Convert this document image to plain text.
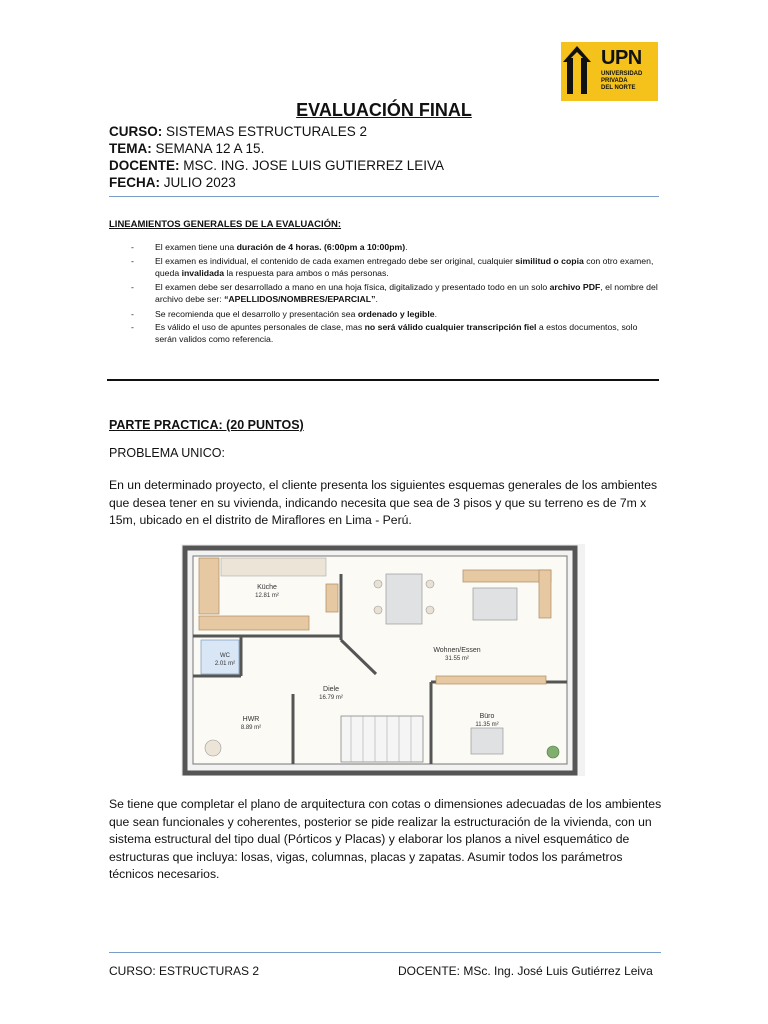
UPN
UNIVERSIDAD
PRIVADA
DEL NORTE
EVALUACIÓN FINAL
CURSO: SISTEMAS ESTRUCTURALES 2
TEMA: SEMANA 12 A 15.
DOCENTE: MSC. ING. JOSE LUIS GUTIERREZ LEIVA
FECHA: JULIO 2023
LINEAMIENTOS GENERALES DE LA EVALUACIÓN:
- El examen tiene una duración de 4 horas. (6:00pm a 10:00pm).
- El examen es individual, el contenido de cada examen entregado debe ser original, cualquier similitud o copia con otro examen, queda invalidada la respuesta para ambos o más personas.
- El examen debe ser desarrollado a mano en una hoja física, digitalizado y presentado todo en un solo archivo PDF, el nombre del archivo debe ser: “APELLIDOS/NOMBRES/EPARCIAL”.
- Se recomienda que el desarrollo y presentación sea ordenado y legible.
- Es válido el uso de apuntes personales de clase, mas no será válido cualquier transcripción fiel a estos documentos, solo serán validos como referencia.
PARTE PRACTICA: (20 PUNTOS)
PROBLEMA UNICO:
En un determinado proyecto, el cliente presenta los siguientes esquemas generales de los ambientes que desea tener en su vivienda, indicando necesita que sea de 3 pisos y que su terreno es de 7m x 15m, ubicado en el distrito de Miraflores en Lima - Perú.
Küche
12.81 m²
WC
2.01 m²
Wohnen/Essen
31.55 m²
Diele
16.79 m²
HWR
8.89 m²
Büro
11.35 m²
Se tiene que completar el plano de arquitectura con cotas o dimensiones adecuadas de los ambientes que sean funcionales y coherentes, posterior se pide realizar la estructuración de la vivienda, con un sistema estructural del tipo dual (Pórticos y Placas) y elaborar los planos a nivel esquemático de estructuras que incluya: losas, vigas, columnas, placas y zapatas. Asumir todos los parámetros técnicos necesarios.
CURSO: ESTRUCTURAS 2	DOCENTE: MSc. Ing. José Luis Gutiérrez Leiva
